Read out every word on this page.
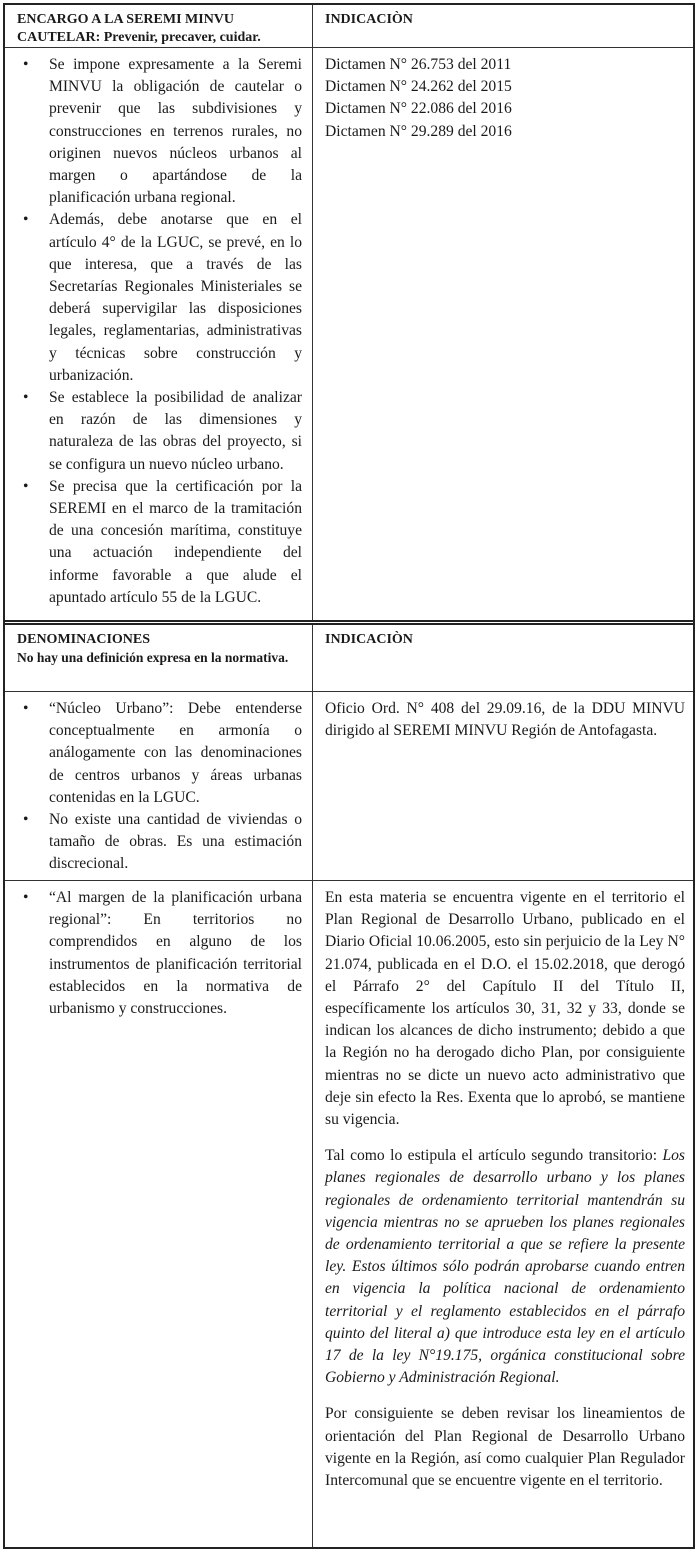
ENCARGO A LA SEREMI MINVU
CAUTELAR: Prevenir, precaver, cuidar.
INDICACIÒN
• Se impone expresamente a la Seremi MINVU la obligación de cautelar o prevenir que las subdivisiones y construcciones en terrenos rurales, no originen nuevos núcleos urbanos al margen o apartándose de la planificación urbana regional.
• Además, debe anotarse que en el artículo 4° de la LGUC, se prevé, en lo que interesa, que a través de las Secretarías Regionales Ministeriales se deberá supervigilar las disposiciones legales, reglamentarias, administrativas y técnicas sobre construcción y urbanización.
• Se establece la posibilidad de analizar en razón de las dimensiones y naturaleza de las obras del proyecto, si se configura un nuevo núcleo urbano.
• Se precisa que la certificación por la SEREMI en el marco de la tramitación de una concesión marítima, constituye una actuación independiente del informe favorable a que alude el apuntado artículo 55 de la LGUC.
Dictamen N° 26.753 del 2011
Dictamen N° 24.262 del 2015
Dictamen N° 22.086 del 2016
Dictamen N° 29.289 del 2016
DENOMINACIONES
No hay una definición expresa en la normativa.
INDICACIÒN
• “Núcleo Urbano”: Debe entenderse conceptualmente en armonía o análogamente con las denominaciones de centros urbanos y áreas urbanas contenidas en la LGUC.
• No existe una cantidad de viviendas o tamaño de obras. Es una estimación discrecional.

Oficio Ord. N° 408 del 29.09.16, de la DDU MINVU dirigido al SEREMI MINVU Región de Antofagasta.

• “Al margen de la planificación urbana regional”: En territorios no comprendidos en alguno de los instrumentos de planificación territorial establecidos en la normativa de urbanismo y construcciones.

En esta materia se encuentra vigente en el territorio el Plan Regional de Desarrollo Urbano, publicado en el Diario Oficial 10.06.2005, esto sin perjuicio de la Ley N° 21.074, publicada en el D.O. el 15.02.2018, que derogó el Párrafo 2° del Capítulo II del Título II, específicamente los artículos 30, 31, 32 y 33, donde se indican los alcances de dicho instrumento; debido a que la Región no ha derogado dicho Plan, por consiguiente mientras no se dicte un nuevo acto administrativo que deje sin efecto la Res. Exenta que lo aprobó, se mantiene su vigencia.

Tal como lo estipula el artículo segundo transitorio: Los planes regionales de desarrollo urbano y los planes regionales de ordenamiento territorial mantendrán su vigencia mientras no se aprueben los planes regionales de ordenamiento territorial a que se refiere la presente ley. Estos últimos sólo podrán aprobarse cuando entren en vigencia la política nacional de ordenamiento territorial y el reglamento establecidos en el párrafo quinto del literal a) que introduce esta ley en el artículo 17 de la ley N°19.175, orgánica constitucional sobre Gobierno y Administración Regional.

Por consiguiente se deben revisar los lineamientos de orientación del Plan Regional de Desarrollo Urbano vigente en la Región, así como cualquier Plan Regulador Intercomunal que se encuentre vigente en el territorio.
